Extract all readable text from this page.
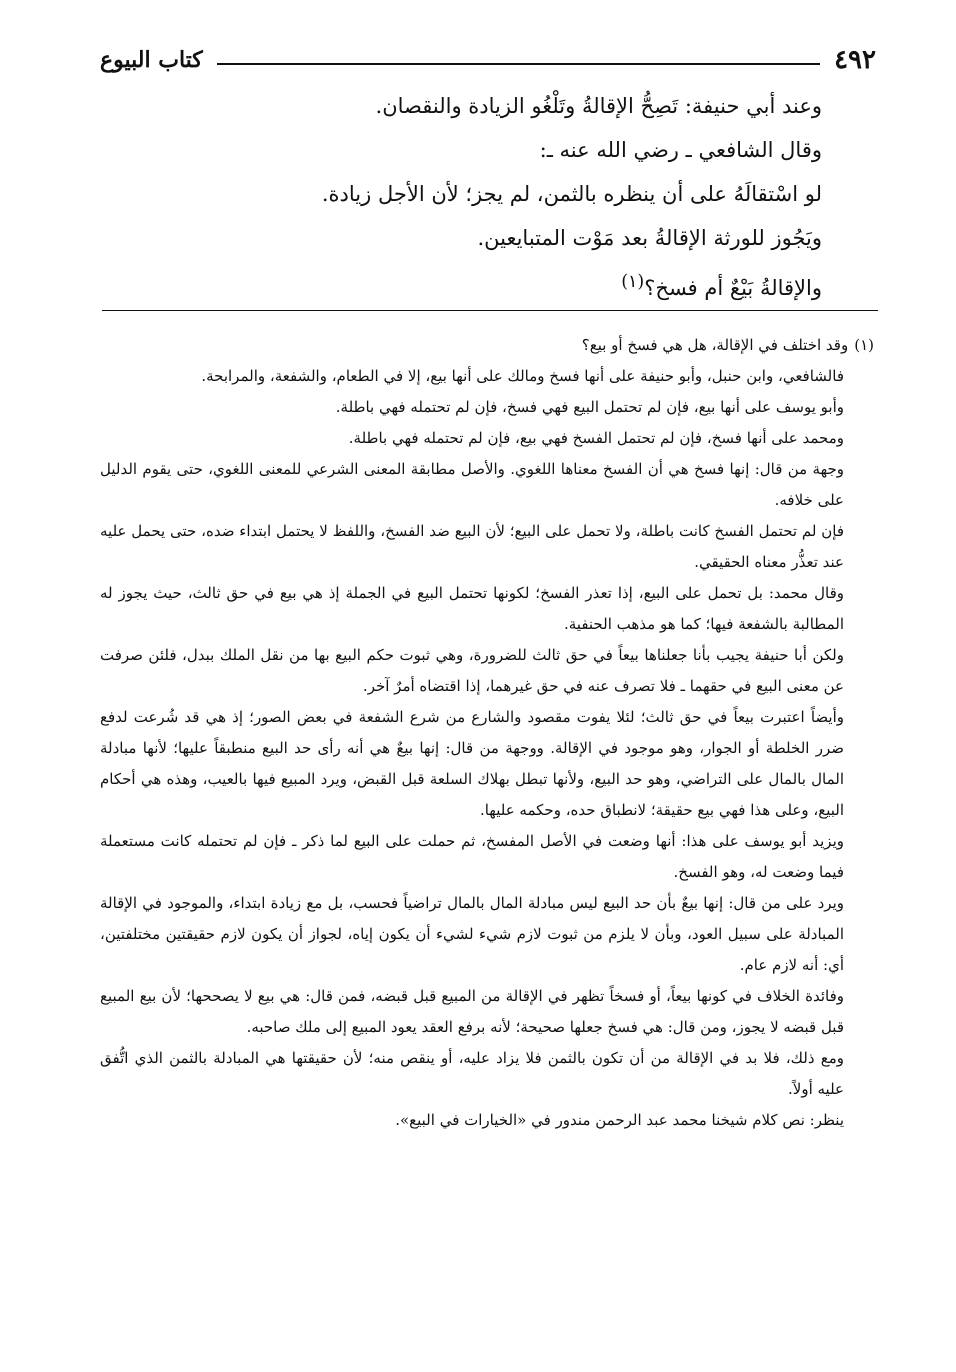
٤٩٢
كتاب البيوع

وعند أبي حنيفة: تَصِحُّ الإقالةُ وتَلْغُو الزيادة والنقصان.

وقال الشافعي ـ رضي الله عنه ـ:

لو اسْتقالَهُ على أن ينظره بالثمن، لم يجز؛ لأن الأجل زيادة.

ويَجُوز للورثة الإقالةُ بعد مَوْت المتبايعين.

والإقالةُ بَيْعٌ أم فسخ؟$^{(١)}$

(١)وقد اختلف في الإقالة، هل هي فسخ أو بيع؟

فالشافعي، وابن حنبل، وأبو حنيفة على أنها فسخ ومالك على أنها بيع، إلا في الطعام، والشفعة، والمرابحة.

وأبو يوسف على أنها بيع، فإن لم تحتمل البيع فهي فسخ، فإن لم تحتمله فهي باطلة.

ومحمد على أنها فسخ، فإن لم تحتمل الفسخ فهي بيع، فإن لم تحتمله فهي باطلة.

وجهة من قال: إنها فسخ هي أن الفسخ معناها اللغوي. والأصل مطابقة المعنى الشرعي للمعنى اللغوي، حتى يقوم الدليل على خلافه.

فإن لم تحتمل الفسخ كانت باطلة، ولا تحمل على البيع؛ لأن البيع ضد الفسخ، واللفظ لا يحتمل ابتداء ضده، حتى يحمل عليه عند تعذُّر معناه الحقيقي.

وقال محمد: بل تحمل على البيع، إذا تعذر الفسخ؛ لكونها تحتمل البيع في الجملة إذ هي بيع في حق ثالث، حيث يجوز له المطالبة بالشفعة فيها؛ كما هو مذهب الحنفية.

ولكن أبا حنيفة يجيب بأنا جعلناها بيعاً في حق ثالث للضرورة، وهي ثبوت حكم البيع بها من نقل الملك ببدل، فلئن صرفت عن معنى البيع في حقهما ـ فلا تصرف عنه في حق غيرهما، إذا اقتضاه أمرٌ آخر.

وأيضاً اعتبرت بيعاً في حق ثالث؛ لئلا يفوت مقصود والشارع من شرع الشفعة في بعض الصور؛ إذ هي قد شُرعت لدفع ضرر الخلطة أو الجوار، وهو موجود في الإقالة. ووجهة من قال: إنها بيعٌ هي أنه رأى حد البيع منطبقاً عليها؛ لأنها مبادلة المال بالمال على التراضي، وهو حد البيع، ولأنها تبطل بهلاك السلعة قبل القبض، ويرد المبيع فيها بالعيب، وهذه هي أحكام البيع، وعلى هذا فهي بيع حقيقة؛ لانطباق حده، وحكمه عليها.

ويزيد أبو يوسف على هذا: أنها وضعت في الأصل المفسخ، ثم حملت على البيع لما ذكر ـ فإن لم تحتمله كانت مستعملة فيما وضعت له، وهو الفسخ.

ويرد على من قال: إنها بيعٌ بأن حد البيع ليس مبادلة المال بالمال تراضياً فحسب، بل مع زيادة ابتداء، والموجود في الإقالة المبادلة على سبيل العود، وبأن لا يلزم من ثبوت لازم شيء لشيء أن يكون إياه، لجواز أن يكون لازم حقيقتين مختلفتين، أي: أنه لازم عام.

وفائدة الخلاف في كونها بيعاً، أو فسخاً تظهر في الإقالة من المبيع قبل قبضه، فمن قال: هي بيع لا يصححها؛ لأن بيع المبيع قبل قبضه لا يجوز، ومن قال: هي فسخ جعلها صحيحة؛ لأنه برفع العقد يعود المبيع إلى ملك صاحبه.

ومع ذلك، فلا بد في الإقالة من أن تكون بالثمن فلا يزاد عليه، أو ينقص منه؛ لأن حقيقتها هي المبادلة بالثمن الذي اتُّفق عليه أولاً.

ينظر: نص كلام شيخنا محمد عبد الرحمن مندور في «الخيارات في البيع».
